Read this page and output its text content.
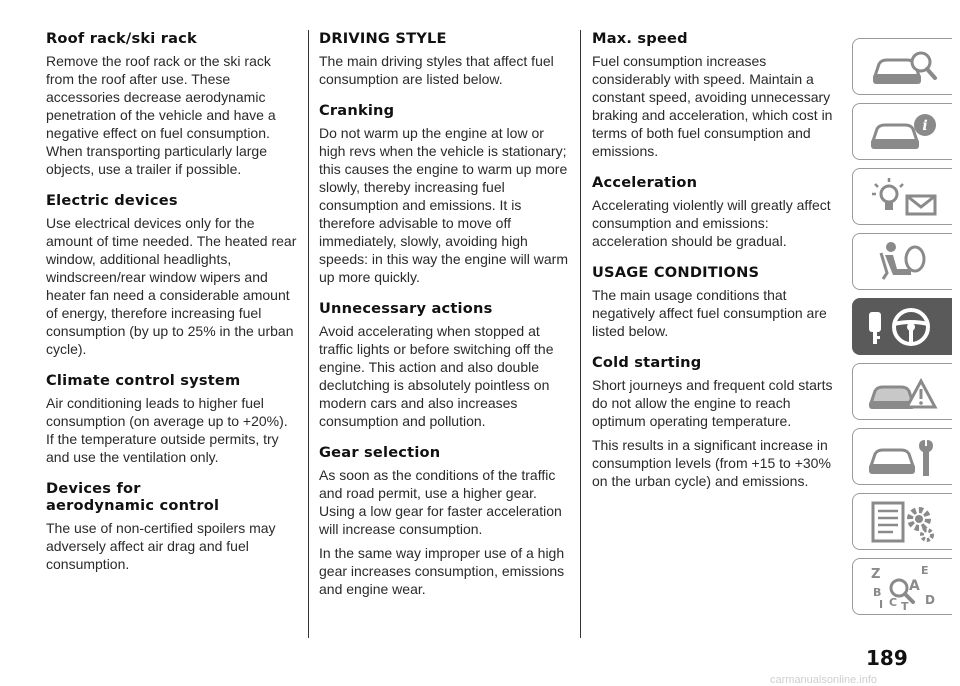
Roof rack/ski rack

Remove the roof rack or the ski rack from the roof after use. These accessories decrease aerodynamic penetration of the vehicle and have a negative effect on fuel consumption. When transporting particularly large objects, use a trailer if possible.

Electric devices

Use electrical devices only for the amount of time needed. The heated rear window, additional headlights, windscreen/rear window wipers and heater fan need a considerable amount of energy, therefore increasing fuel consumption (by up to 25% in the urban cycle).

Climate control system

Air conditioning leads to higher fuel consumption (on average up to +20%). If the temperature outside permits, try and use the ventilation only.

Devices for
aerodynamic control

The use of non-certified spoilers may adversely affect air drag and fuel consumption.

DRIVING STYLE

The main driving styles that affect fuel consumption are listed below.

Cranking

Do not warm up the engine at low or high revs when the vehicle is stationary; this causes the engine to warm up more slowly, thereby increasing fuel consumption and emissions. It is therefore advisable to move off immediately, slowly, avoiding high speeds: in this way the engine will warm up more quickly.

Unnecessary actions

Avoid accelerating when stopped at traffic lights or before switching off the engine. This action and also double declutching is absolutely pointless on modern cars and also increases consumption and pollution.

Gear selection

As soon as the conditions of the traffic and road permit, use a higher gear. Using a low gear for faster acceleration will increase consumption.

In the same way improper use of a high gear increases consumption, emissions and engine wear.

Max. speed

Fuel consumption increases considerably with speed. Maintain a constant speed, avoiding unnecessary braking and acceleration, which cost in terms of both fuel consumption and emissions.

Acceleration

Accelerating violently will greatly affect consumption and emissions: acceleration should be gradual.

USAGE CONDITIONS

The main usage conditions that negatively affect fuel consumption are listed below.

Cold starting

Short journeys and frequent cold starts do not allow the engine to reach optimum operating temperature.

This results in a significant increase in consumption levels (from +15 to +30% on the urban cycle) and emissions.

i
Z	E
A
B
I C T D
189
carmanualsonline.info
